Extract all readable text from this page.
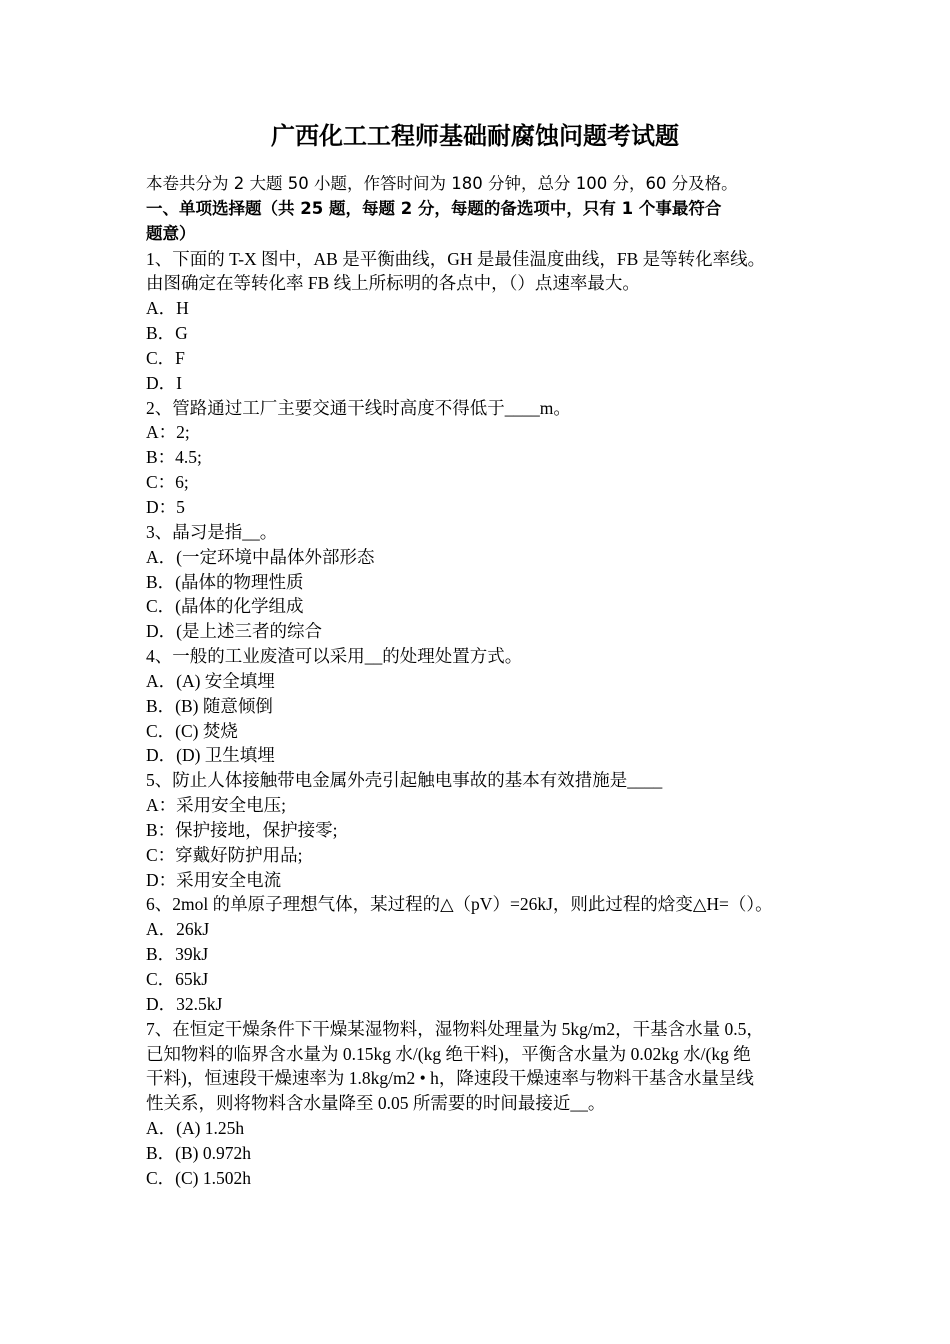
广西化工工程师基础耐腐蚀问题考试题
本卷共分为 2 大题 50 小题，作答时间为 180 分钟，总分 100 分，60 分及格。
一、单项选择题（共 25 题，每题 2 分，每题的备选项中，只有 1 个事最符合
题意）
1、下面的 T-X 图中，AB 是平衡曲线，GH 是最佳温度曲线，FB 是等转化率线。
由图确定在等转化率 FB 线上所标明的各点中，（）点速率最大。
A．H
B．G
C．F
D．I
2、管路通过工厂主要交通干线时高度不得低于____m。
A：2;
B：4.5;
C：6;
D：5
3、晶习是指__。
A．(一定环境中晶体外部形态
B．(晶体的物理性质
C．(晶体的化学组成
D．(是上述三者的综合
4、一般的工业废渣可以采用__的处理处置方式。
A．(A) 安全填埋
B．(B) 随意倾倒
C．(C) 焚烧
D．(D) 卫生填埋
5、防止人体接触带电金属外壳引起触电事故的基本有效措施是____
A：采用安全电压;
B：保护接地，保护接零;
C：穿戴好防护用品;
D：采用安全电流
6、2mol 的单原子理想气体，某过程的△（pV）=26kJ，则此过程的焓变△H=（）。
A．26kJ
B．39kJ
C．65kJ
D．32.5kJ
7、在恒定干燥条件下干燥某湿物料，湿物料处理量为 5kg/m2，干基含水量 0.5，
已知物料的临界含水量为 0.15kg 水/(kg 绝干料)，平衡含水量为 0.02kg 水/(kg 绝
干料)，恒速段干燥速率为 1.8kg/m2 • h，降速段干燥速率与物料干基含水量呈线
性关系，则将物料含水量降至 0.05 所需要的时间最接近__。
A．(A) 1.25h
B．(B) 0.972h
C．(C) 1.502h
